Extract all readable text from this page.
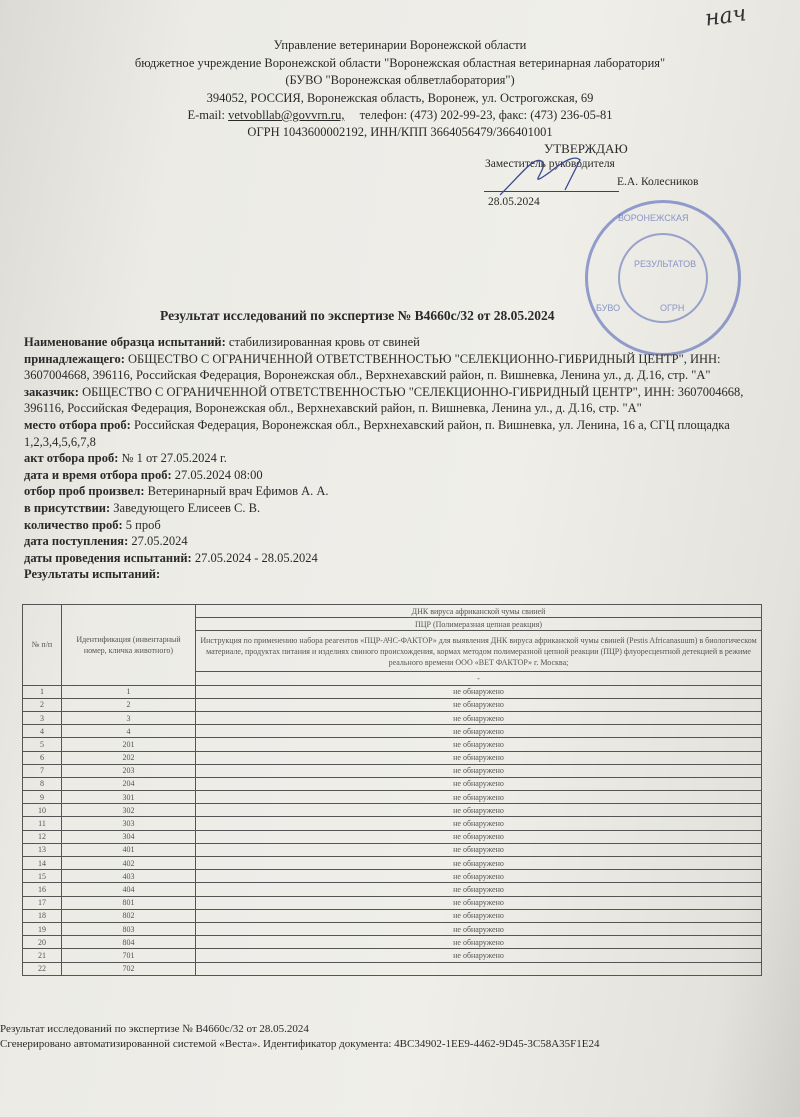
нач
Управление ветеринарии Воронежской области
бюджетное учреждение Воронежской области "Воронежская областная ветеринарная лаборатория"
(БУВО "Воронежская облветлаборатория")
394052, РОССИЯ, Воронежская область, Воронеж, ул. Острогожская, 69
E-mail: vetvobllab@govvrn.ru, телефон: (473) 202-99-23, факс: (473) 236-05-81
ОГРН 1043600002192, ИНН/КПП 3664056479/366401001
УТВЕРЖДАЮ
Заместитель руководителя
Е.А. Колесников
28.05.2024
ВОРОНЕЖСКАЯ
РЕЗУЛЬТАТОВ
БУВО	ОГРН
Результат исследований по экспертизе № В4660с/32 от 28.05.2024
Наименование образца испытаний: стабилизированная кровь от свиней
принадлежащего: ОБЩЕСТВО С ОГРАНИЧЕННОЙ ОТВЕТСТВЕННОСТЬЮ "СЕЛЕКЦИОННО-ГИБРИДНЫЙ ЦЕНТР", ИНН: 3607004668, 396116, Российская Федерация, Воронежская обл., Верхнехавский район, п. Вишневка, Ленина ул., д. Д.16, стр. "А"
заказчик: ОБЩЕСТВО С ОГРАНИЧЕННОЙ ОТВЕТСТВЕННОСТЬЮ "СЕЛЕКЦИОННО-ГИБРИДНЫЙ ЦЕНТР", ИНН: 3607004668, 396116, Российская Федерация, Воронежская обл., Верхнехавский район, п. Вишневка, Ленина ул., д. Д.16, стр. "А"
место отбора проб: Российская Федерация, Воронежская обл., Верхнехавский район, п. Вишневка, ул. Ленина, 16 а, СГЦ площадка 1,2,3,4,5,6,7,8
акт отбора проб: № 1 от 27.05.2024 г.
дата и время отбора проб: 27.05.2024 08:00
отбор проб произвел: Ветеринарный врач Ефимов А. А.
в присутствии: Заведующего Елисеев С. В.
количество проб: 5 проб
дата поступления: 27.05.2024
даты проведения испытаний: 27.05.2024 - 28.05.2024
Результаты испытаний:
№ п/п	Идентификация (инвентарный номер, кличка животного)	ДНК вируса африканской чумы свиней
		ПЦР (Полимеразная цепная реакция)
		Инструкция по применению набора реагентов «ПЦР-АЧС-ФАКТОР» для выявления ДНК вируса африканской чумы свиней (Pestis Africanasuum) в биологическом материале, продуктах питания и изделиях свиного происхождения, кормах методом полимеразной цепной реакции (ПЦР) флуоресцентной детекцией в режиме реального времени ООО «ВЕТ ФАКТОР» г. Москва;
		-
1	1	не обнаружено
2	2	не обнаружено
3	3	не обнаружено
4	4	не обнаружено
5	201	не обнаружено
6	202	не обнаружено
7	203	не обнаружено
8	204	не обнаружено
9	301	не обнаружено
10	302	не обнаружено
11	303	не обнаружено
12	304	не обнаружено
13	401	не обнаружено
14	402	не обнаружено
15	403	не обнаружено
16	404	не обнаружено
17	801	не обнаружено
18	802	не обнаружено
19	803	не обнаружено
20	804	не обнаружено
21	701	не обнаружено
22	702	
Результат исследований по экспертизе № В4660с/32 от 28.05.2024
Сгенерировано автоматизированной системой «Веста». Идентификатор документа: 4BC34902-1EE9-4462-9D45-3C58A35F1E24
